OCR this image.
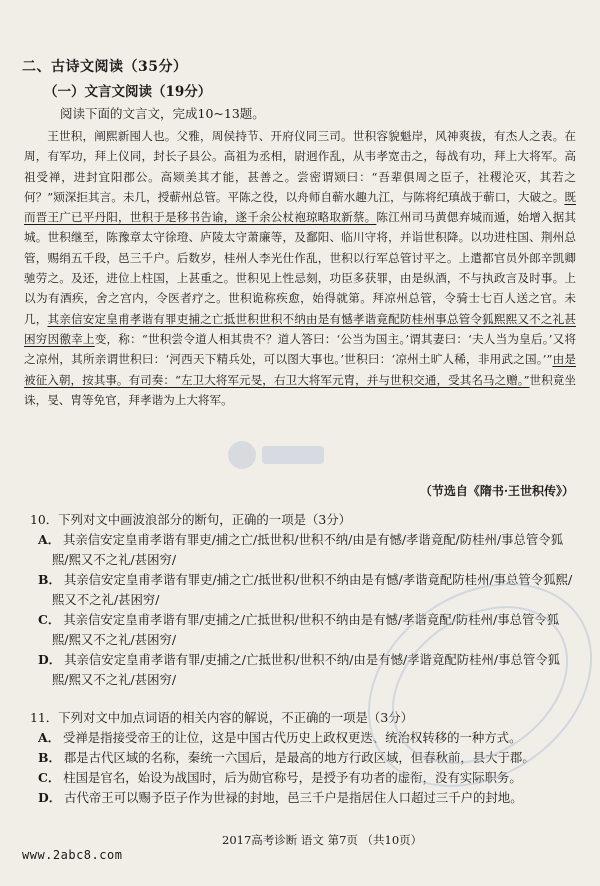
二、古诗文阅读（35分）
（一）文言文阅读（19分）
阅读下面的文言文，完成10~13题。
王世积，阐熙新囤人也。父雅，周侯持节、开府仪同三司。世积容貌魁岸，风神爽拔，有杰人之表。在周，有军功，拜上仪同，封长子县公。高祖为丞相，尉迥作乱，从韦孝宽击之，每战有功，拜上大将军。高祖受禅，进封宜阳郡公。高颎美其才能，甚善之。尝密谓颎曰：“吾辈俱周之臣子，社稷沦灭，其若之何？”颎深拒其言。未几，授蕲州总管。平陈之役，以舟师自蕲水趣九江，与陈将纪瑱战于蕲口，大破之。既而晋王广已平丹阳，世积于是移书告谕，遂千余公杖袍琼略取新蔡。陈江州司马黄偲弃城而遁，始增入据其城。世积继至，陈豫章太守徐璒、庐陵太守萧廉等，及鄱阳、临川守将，并诣世积降。以功进柱国、荆州总管，赐绢五千段，邑三千户。后数岁，桂州人李光仕作乱，世积以行军总管讨平之。上遣都官员外郎辛凯卿驰劳之。及还，进位上柱国，上甚重之。世积见上性忌刻，功臣多获罪，由是纵酒，不与执政言及时事。上以为有酒疾，舍之宫内，令医者疗之。世积诡称疾愈，始得就第。拜凉州总管，令骑士七百人送之官。未几，其亲信安定皇甫孝谐有罪吏捕之亡抵世积世积不纳由是有憾孝谐竟配防桂州事总管令狐熙熙又不之礼甚困穷因徼幸上变，称：“世积尝令道人相其贵不？道人答曰：‘公当为国主。’谓其妻曰：‘夫人当为皇后。’又将之凉州，其所亲谓世积曰：‘河西天下精兵处，可以图大事也。’世积曰：‘凉州土旷人稀，非用武之国。’”由是被征入朝，按其事。有司奏：“左卫大将军元旻，右卫大将军元胄，并与世积交通，受其名马之赠。”世积竟坐诛，旻、胄等免官，拜孝谐为上大将军。
（节选自《隋书·王世积传》）
10．下列对文中画波浪部分的断句，正确的一项是（3分）
A． 其亲信安定皇甫孝谐有罪吏/捕之亡/抵世积/世积不纳/由是有憾/孝谐竟配/防桂州/事总管令狐熙/熙又不之礼/甚困穷/
B． 其亲信安定皇甫孝谐有罪吏/捕之亡/抵世积/世积不纳由是有憾/孝谐竟配防桂州/事总管令狐熙/熙又不之礼/甚困穷/
C． 其亲信安定皇甫孝谐有罪/吏捕之/亡抵世积/世积不纳由是有憾/孝谐竟配/防桂州/事总管令狐熙/熙又不之礼/甚困穷/
D． 其亲信安定皇甫孝谐有罪/吏捕之/亡抵世积/世积不纳/由是有憾/孝谐竟配防桂州/事总管令狐熙/熙又不之礼/甚困穷/
11．下列对文中加点词语的相关内容的解说，不正确的一项是（3分）
A． 受禅是指接受帝王的让位，这是中国古代历史上政权更迭、统治权转移的一种方式。
B． 郡是古代区域的名称，秦统一六国后，是最高的地方行政区域，但春秋前，县大于郡。
C． 柱国是官名，始设为战国时，后为勋官称号，是授予有功者的虚衔，没有实际职务。
D． 古代帝王可以赐予臣子作为世禄的封地，邑三千户是指居住人口超过三千户的封地。
2017高考诊断 语文 第7页 （共10页）
www.2abc8.com
